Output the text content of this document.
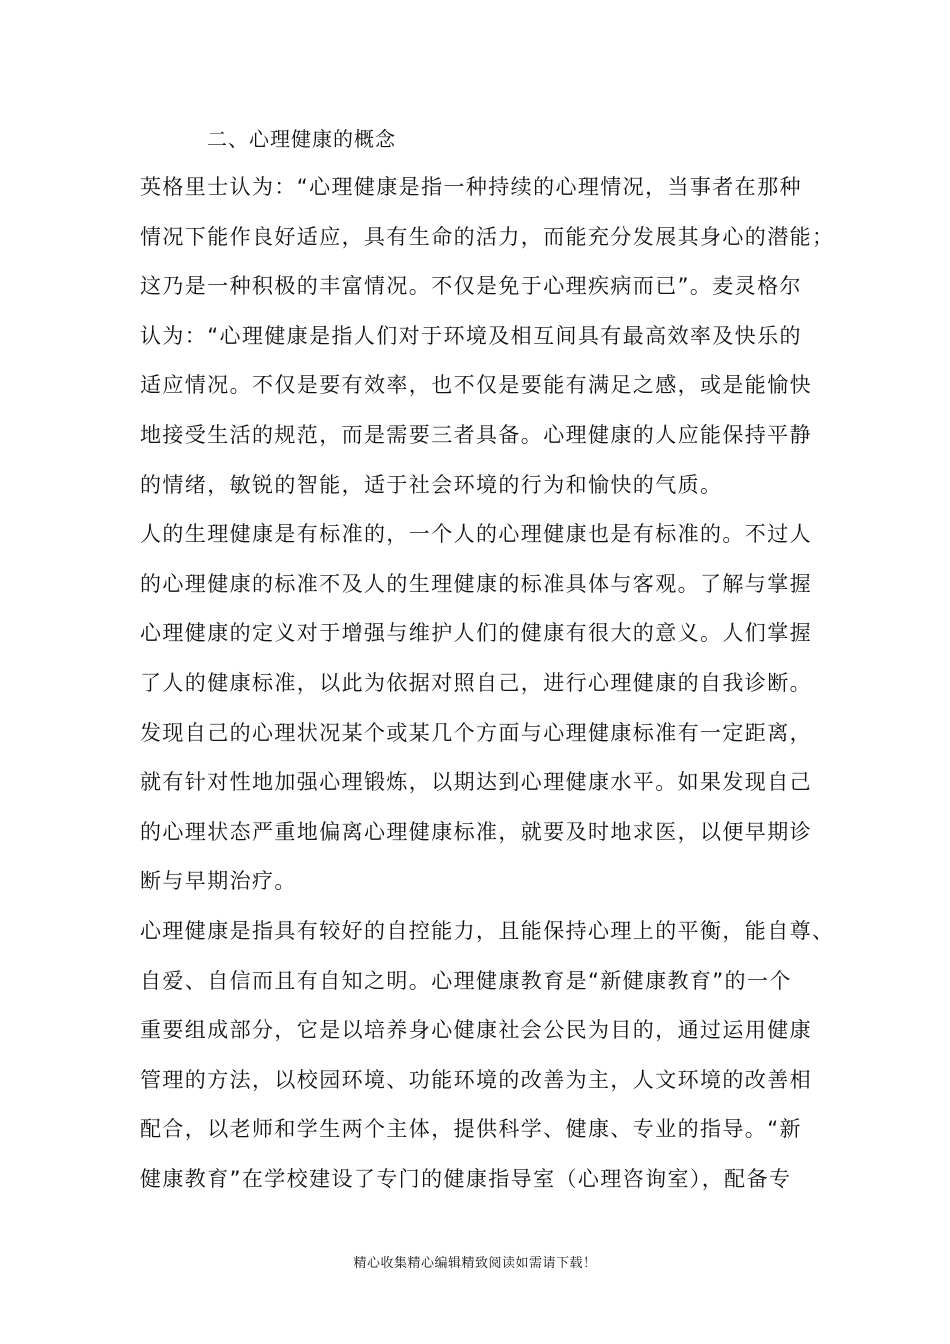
二、心理健康的概念
英格里士认为：“心理健康是指一种持续的心理情况，当事者在那种
情况下能作良好适应，具有生命的活力，而能充分发展其身心的潜能；
这乃是一种积极的丰富情况。不仅是免于心理疾病而已”。麦灵格尔
认为：“心理健康是指人们对于环境及相互间具有最高效率及快乐的
适应情况。不仅是要有效率，也不仅是要能有满足之感，或是能愉快
地接受生活的规范，而是需要三者具备。心理健康的人应能保持平静
的情绪，敏锐的智能，适于社会环境的行为和愉快的气质。
人的生理健康是有标准的，一个人的心理健康也是有标准的。不过人
的心理健康的标准不及人的生理健康的标准具体与客观。了解与掌握
心理健康的定义对于增强与维护人们的健康有很大的意义。人们掌握
了人的健康标准，以此为依据对照自己，进行心理健康的自我诊断。
发现自己的心理状况某个或某几个方面与心理健康标准有一定距离，
就有针对性地加强心理锻炼，以期达到心理健康水平。如果发现自己
的心理状态严重地偏离心理健康标准，就要及时地求医，以便早期诊
断与早期治疗。
心理健康是指具有较好的自控能力，且能保持心理上的平衡，能自尊、
自爱、自信而且有自知之明。心理健康教育是“新健康教育”的一个
重要组成部分，它是以培养身心健康社会公民为目的，通过运用健康
管理的方法，以校园环境、功能环境的改善为主，人文环境的改善相
配合，以老师和学生两个主体，提供科学、健康、专业的指导。“新
健康教育”在学校建设了专门的健康指导室（心理咨询室），配备专
精心收集精心编辑精致阅读如需请下载！
